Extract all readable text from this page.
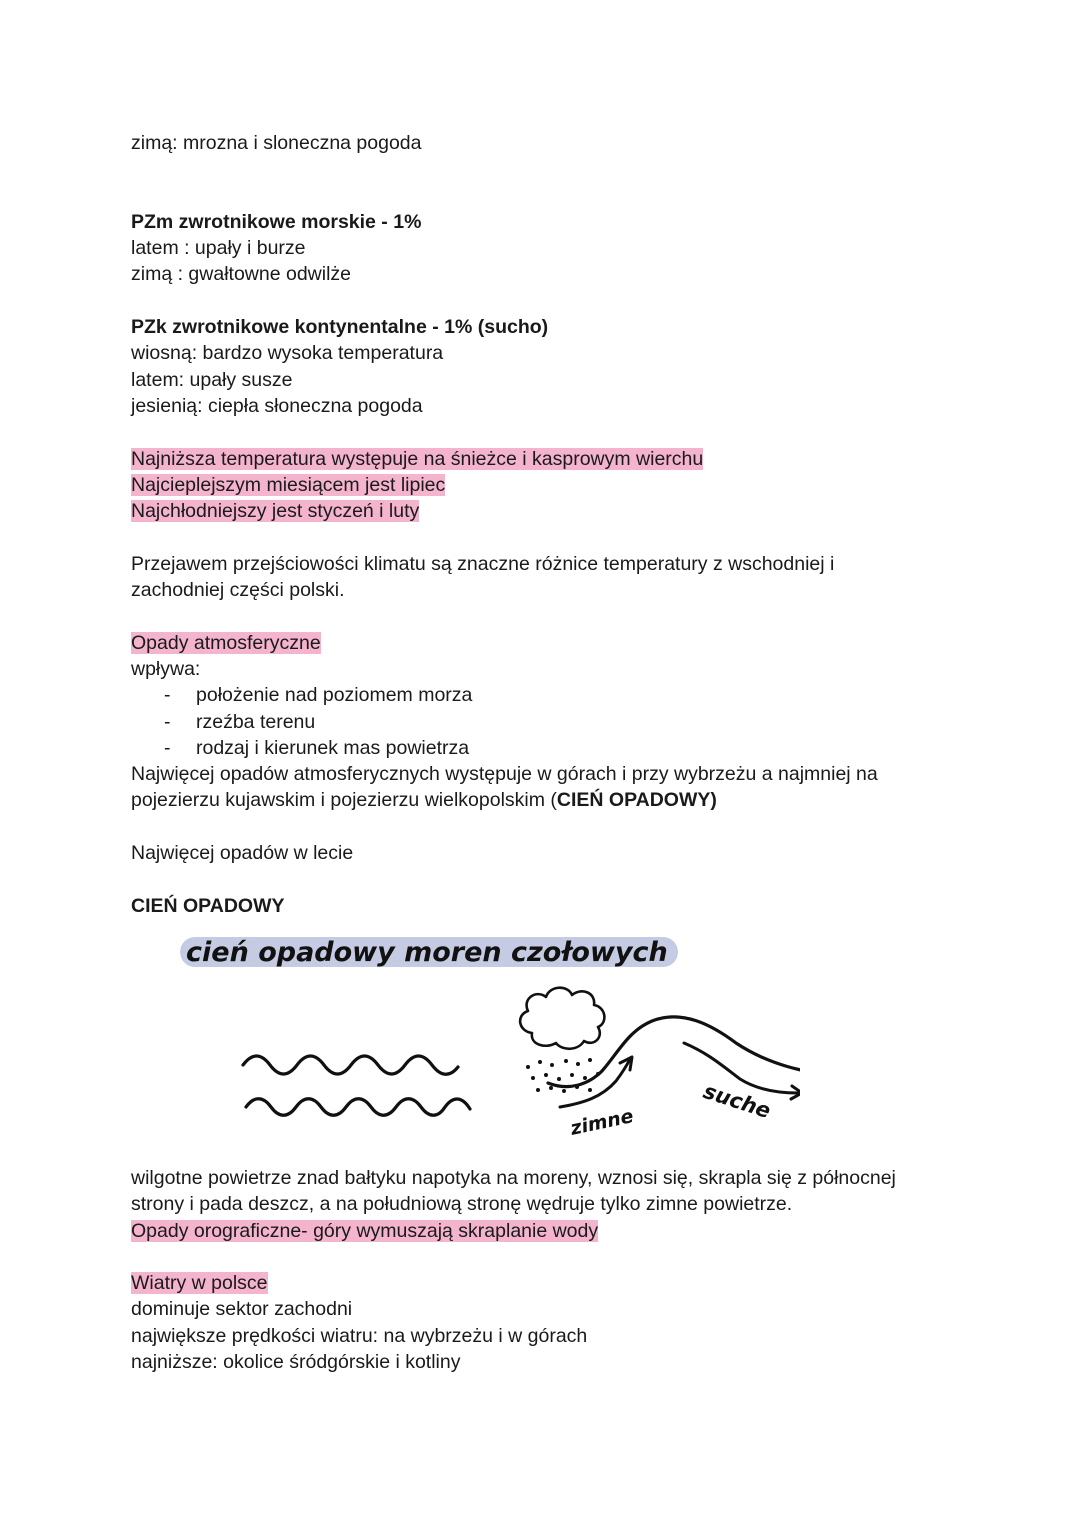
zimą: mrozna i sloneczna pogoda
PZm zwrotnikowe morskie - 1%
latem : upały i burze
zimą : gwałtowne odwilże
PZk zwrotnikowe kontynentalne - 1% (sucho)
wiosną: bardzo wysoka temperatura
latem: upały susze
jesienią: ciepła słoneczna pogoda
Najniższa temperatura występuje na śnieżce i kasprowym wierchu
Najcieplejszym miesiącem jest lipiec
Najchłodniejszy jest styczeń i luty
Przejawem przejściowości klimatu są znaczne różnice temperatury z wschodniej i
zachodniej części polski.
Opady atmosferyczne
wpływa:
- położenie nad poziomem morza
- rzeźba terenu
- rodzaj i kierunek mas powietrza
Najwięcej opadów atmosferycznych występuje w górach i przy wybrzeżu a najmniej na
pojezierzu kujawskim i pojezierzu wielkopolskim (CIEŃ OPADOWY)
Najwięcej opadów w lecie
CIEŃ OPADOWY
cień opadowy moren czołowych
zimne	suche
wilgotne powietrze znad bałtyku napotyka na moreny, wznosi się, skrapla się z północnej
strony i pada deszcz, a na południową stronę wędruje tylko zimne powietrze.
Opady orograficzne- góry wymuszają skraplanie wody
Wiatry w polsce
dominuje sektor zachodni
największe prędkości wiatru: na wybrzeżu i w górach
najniższe: okolice śródgórskie i kotliny
